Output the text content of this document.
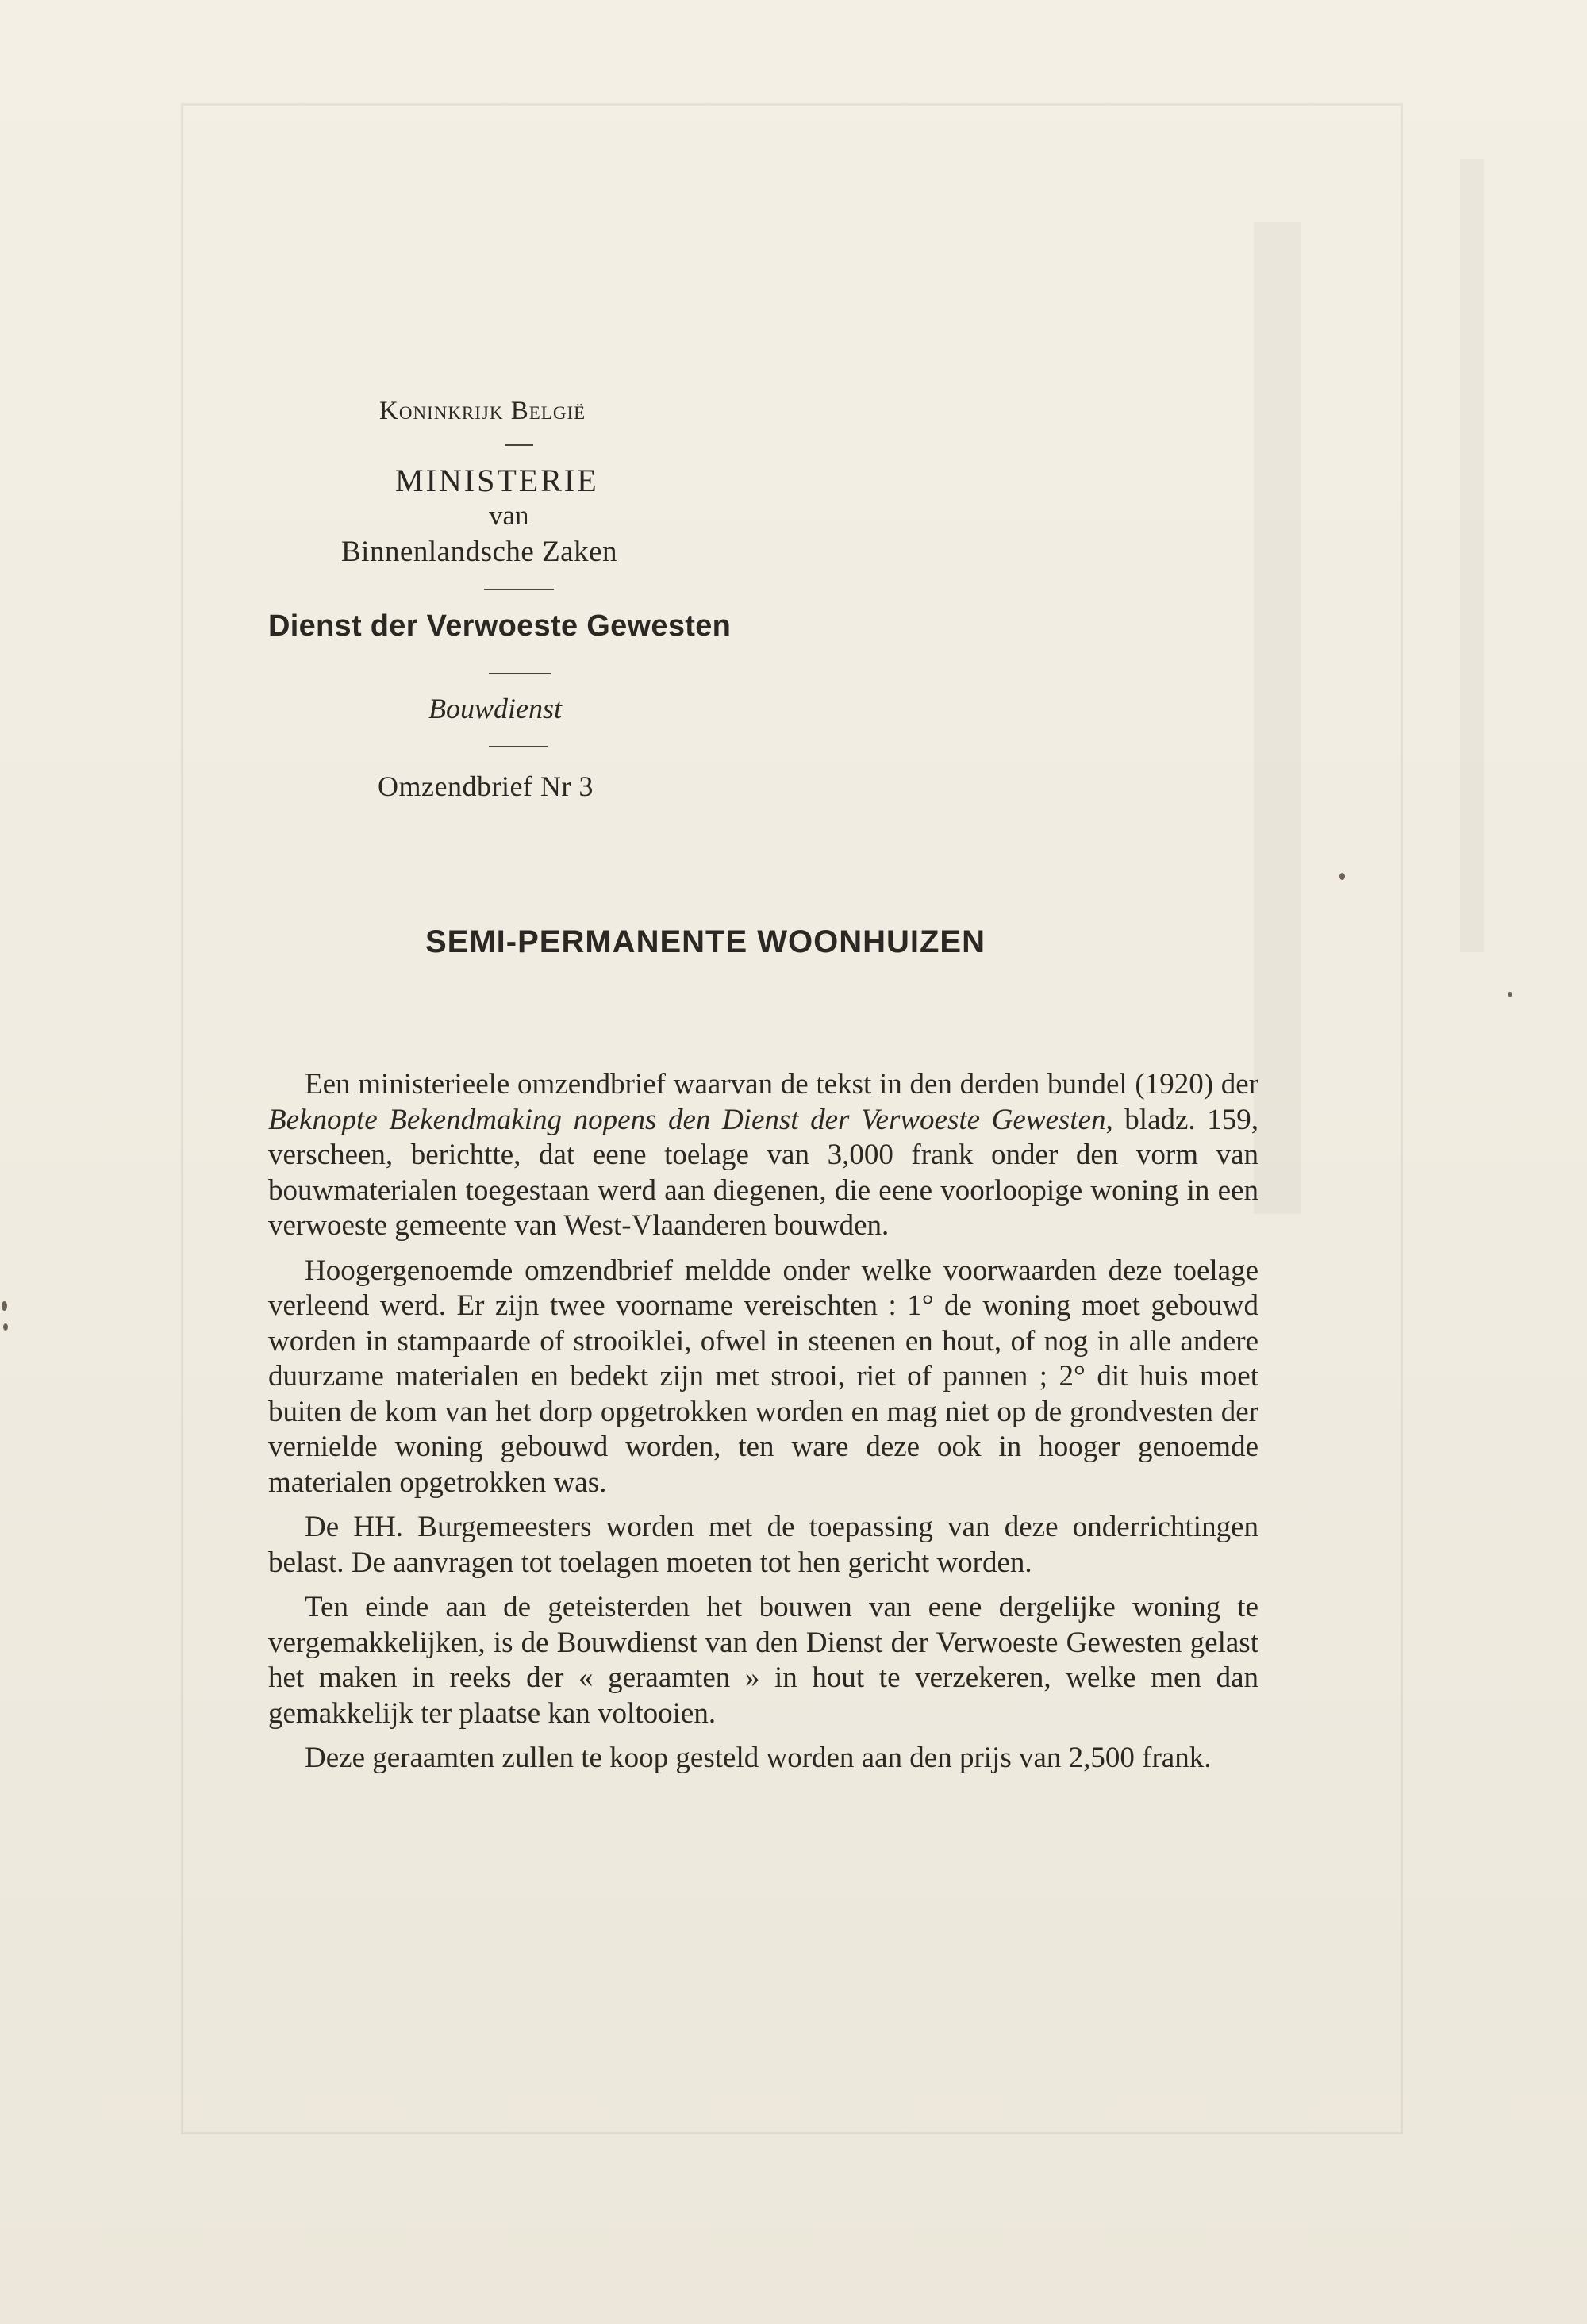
Koninkrijk België
MINISTERIE
van
Binnenlandsche Zaken
Dienst der Verwoeste Gewesten
Bouwdienst
Omzendbrief Nr 3
SEMI-PERMANENTE WOONHUIZEN

Een ministerieele omzendbrief waarvan de tekst in den derden bundel (1920) der Beknopte Bekendmaking nopens den Dienst der Verwoeste Gewesten, bladz. 159, verscheen, berichtte, dat eene toelage van 3,000 frank onder den vorm van bouwmaterialen toegestaan werd aan diegenen, die eene voorloopige woning in een verwoeste gemeente van West-Vlaanderen bouwden.

Hoogergenoemde omzendbrief meldde onder welke voorwaarden deze toelage verleend werd. Er zijn twee voorname vereischten : 1° de woning moet gebouwd worden in stampaarde of strooiklei, ofwel in steenen en hout, of nog in alle andere duurzame materialen en bedekt zijn met strooi, riet of pannen ; 2° dit huis moet buiten de kom van het dorp opgetrokken worden en mag niet op de grondvesten der vernielde woning gebouwd worden, ten ware deze ook in hooger genoemde materialen opgetrokken was.

De HH. Burgemeesters worden met de toepassing van deze onderrichtingen belast. De aanvragen tot toelagen moeten tot hen gericht worden.

Ten einde aan de geteisterden het bouwen van eene dergelijke woning te vergemakkelijken, is de Bouwdienst van den Dienst der Verwoeste Gewesten gelast het maken in reeks der « geraamten » in hout te verzekeren, welke men dan gemakkelijk ter plaatse kan voltooien.

Deze geraamten zullen te koop gesteld worden aan den prijs van 2,500 frank.
